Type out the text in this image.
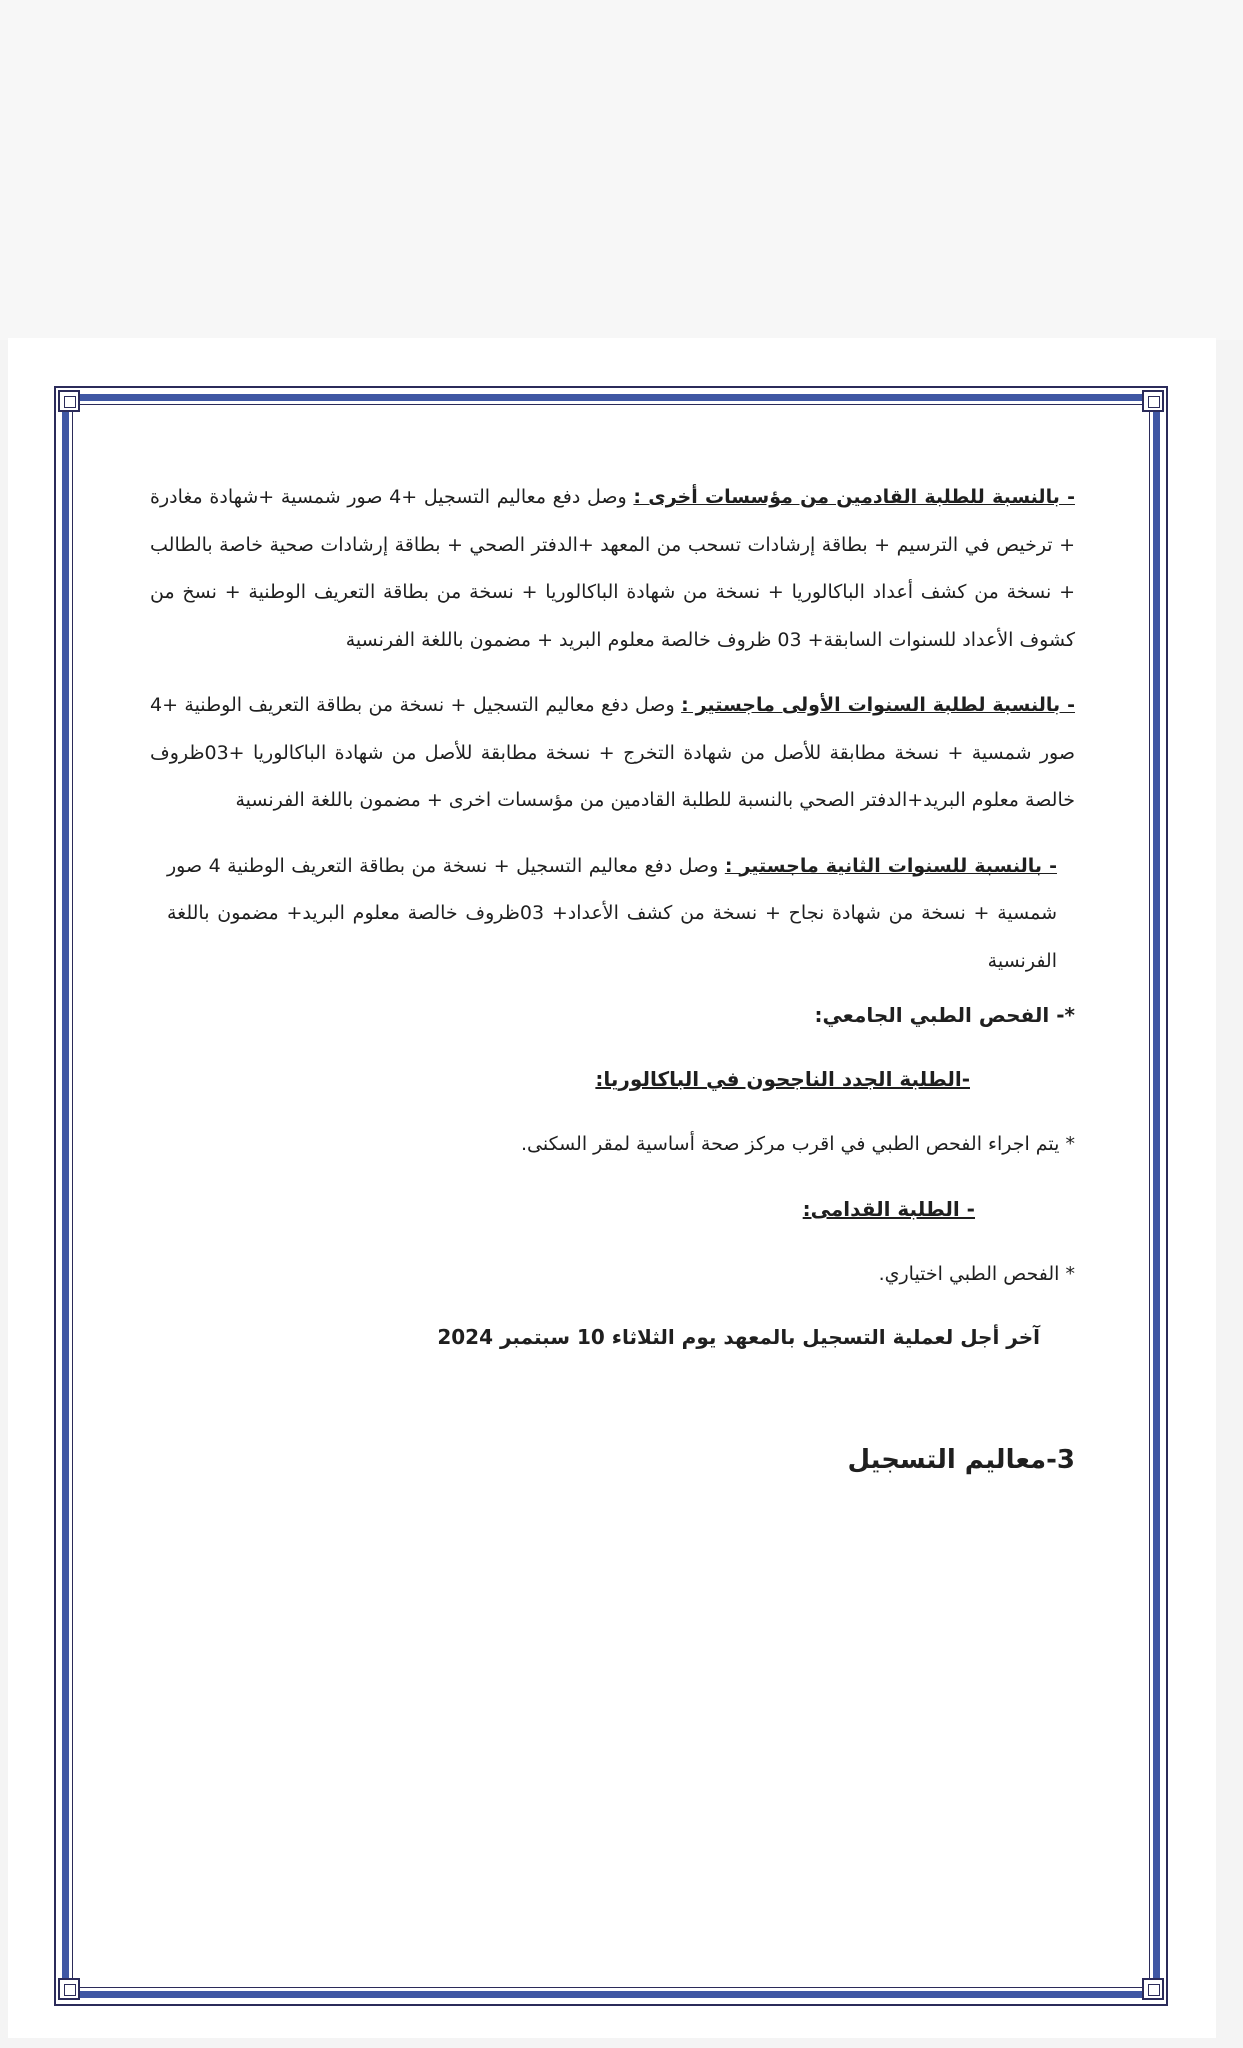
- بالنسبة للطلبة القادمين من مؤسسات أخرى : وصل دفع معاليم التسجيل +4 صور شمسية +شهادة مغادرة + ترخيص في الترسيم + بطاقة إرشادات تسحب من المعهد +الدفتر الصحي + بطاقة إرشادات صحية خاصة بالطالب + نسخة من كشف أعداد الباكالوريا + نسخة من شهادة الباكالوريا + نسخة من بطاقة التعريف الوطنية + نسخ من كشوف الأعداد للسنوات السابقة+ 03 ظروف خالصة معلوم البريد + مضمون باللغة الفرنسية

- بالنسبة لطلبة السنوات الأولى ماجستير : وصل دفع معاليم التسجيل + نسخة من بطاقة التعريف الوطنية +4 صور شمسية + نسخة مطابقة للأصل من شهادة التخرج + نسخة مطابقة للأصل من شهادة الباكالوريا +03ظروف خالصة معلوم البريد+الدفتر الصحي بالنسبة للطلبة القادمين من مؤسسات اخرى + مضمون باللغة الفرنسية

- بالنسبة للسنوات الثانية ماجستير : وصل دفع معاليم التسجيل + نسخة من بطاقة التعريف الوطنية 4 صور شمسية + نسخة من شهادة نجاح + نسخة من كشف الأعداد+ 03ظروف خالصة معلوم البريد+ مضمون باللغة الفرنسية

*- الفحص الطبي الجامعي:

-الطلبة الجدد الناجحون في الباكالوريا:

* يتم اجراء الفحص الطبي في اقرب مركز صحة أساسية لمقر السكنى.

- الطلبة القدامى:

* الفحص الطبي اختياري.

آخر أجل لعملية التسجيل بالمعهد يوم الثلاثاء 10 سبتمبر 2024

3-معاليم التسجيل
